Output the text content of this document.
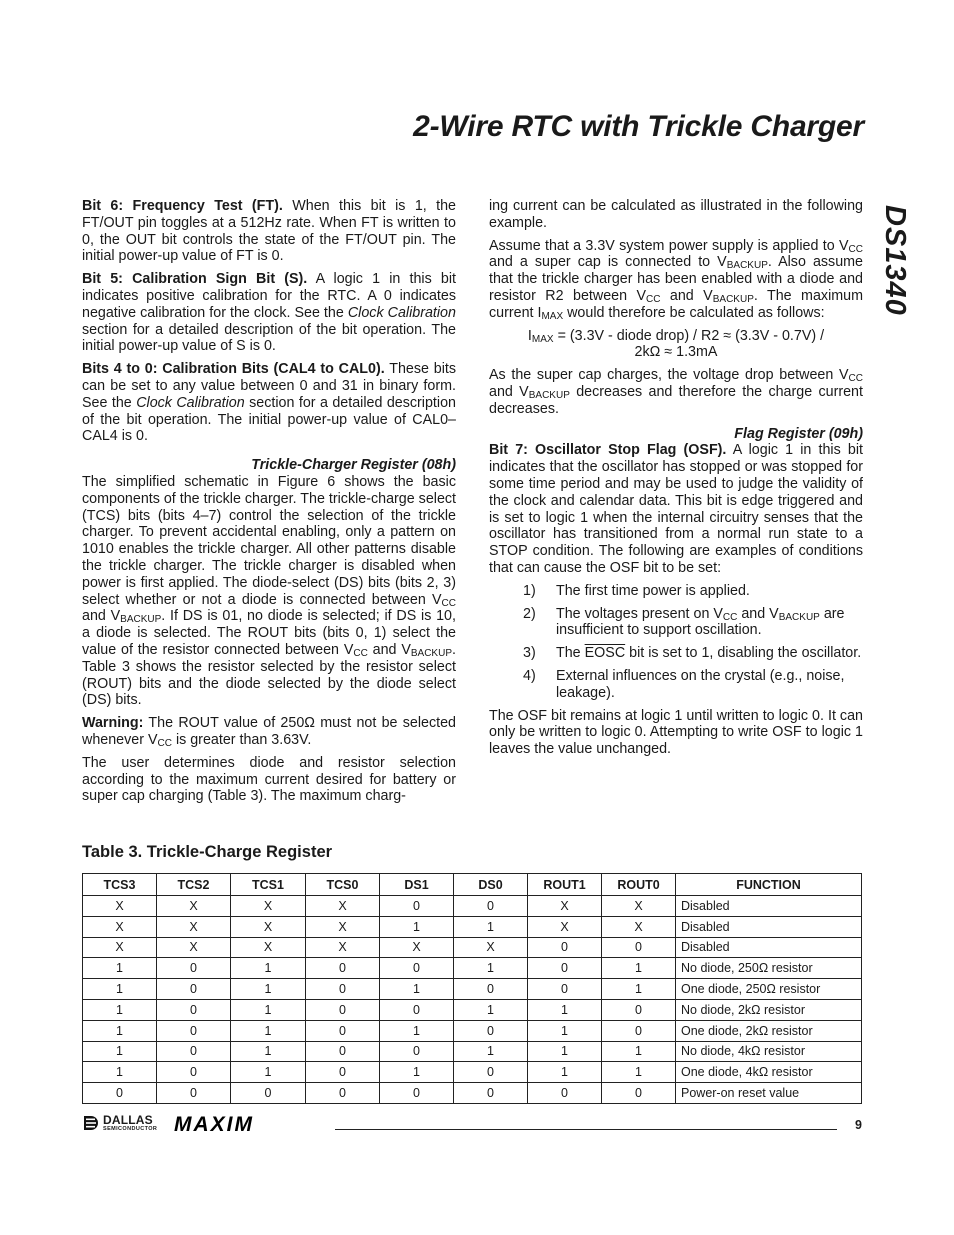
2-Wire RTC with Trickle Charger
DS1340

Bit 6: Frequency Test (FT). When this bit is 1, the FT/OUT pin toggles at a 512Hz rate. When FT is written to 0, the OUT bit controls the state of the FT/OUT pin. The initial power-up value of FT is 0.

Bit 5: Calibration Sign Bit (S). A logic 1 in this bit indicates positive calibration for the RTC. A 0 indicates negative calibration for the clock. See the Clock Calibration section for a detailed description of the bit operation. The initial power-up value of S is 0.

Bits 4 to 0: Calibration Bits (CAL4 to CAL0). These bits can be set to any value between 0 and 31 in binary form. See the Clock Calibration section for a detailed description of the bit operation. The initial power-up value of CAL0–CAL4 is 0.

Trickle-Charger Register (08h)

The simplified schematic in Figure 6 shows the basic components of the trickle charger. The trickle-charge select (TCS) bits (bits 4–7) control the selection of the trickle charger. To prevent accidental enabling, only a pattern on 1010 enables the trickle charger. All other patterns disable the trickle charger. The trickle charger is disabled when power is first applied. The diode-select (DS) bits (bits 2, 3) select whether or not a diode is connected between $V_{CC}$ and $V_{BACKUP}$. If DS is 01, no diode is selected; if DS is 10, a diode is selected. The ROUT bits (bits 0, 1) select the value of the resistor connected between $V_{CC}$ and $V_{BACKUP}$. Table 3 shows the resistor selected by the resistor select (ROUT) bits and the diode selected by the diode select (DS) bits.

Warning: The ROUT value of 250Ω must not be selected whenever $V_{CC}$ is greater than 3.63V.

The user determines diode and resistor selection according to the maximum current desired for battery or super cap charging (Table 3). The maximum charg-

ing current can be calculated as illustrated in the following example.

Assume that a 3.3V system power supply is applied to $V_{CC}$ and a super cap is connected to $V_{BACKUP}$. Also assume that the trickle charger has been enabled with a diode and resistor R2 between $V_{CC}$ and $V_{BACKUP}$. The maximum current $I_{MAX}$ would therefore be calculated as follows:

$I_{MAX} = (3.3V$ - diode drop) / R2 ≈ (3.3V - 0.7V) /
2kΩ ≈ 1.3mA

As the super cap charges, the voltage drop between $V_{CC}$ and $V_{BACKUP}$ decreases and therefore the charge current decreases.

Flag Register (09h)

Bit 7: Oscillator Stop Flag (OSF). A logic 1 in this bit indicates that the oscillator has stopped or was stopped for some time period and may be used to judge the validity of the clock and calendar data. This bit is edge triggered and is set to logic 1 when the internal circuitry senses that the oscillator has transitioned from a normal run state to a STOP condition. The following are examples of conditions that can cause the OSF bit to be set:

1)	The first time power is applied.
2)	The voltages present on $V_{CC}$ and $V_{BACKUP}$ are insufficient to support oscillation.
3)	The EOSC bit is set to 1, disabling the oscillator.
4)	External influences on the crystal (e.g., noise, leakage).

The OSF bit remains at logic 1 until written to logic 0. It can only be written to logic 0. Attempting to write OSF to logic 1 leaves the value unchanged.

Table 3. Trickle-Charge Register
TCS3	TCS2	TCS1	TCS0	DS1	DS0	ROUT1	ROUT0	FUNCTION
X	X	X	X	0	0	X	X	Disabled
X	X	X	X	1	1	X	X	Disabled
X	X	X	X	X	X	0	0	Disabled
1	0	1	0	0	1	0	1	No diode, 250Ω resistor
1	0	1	0	1	0	0	1	One diode, 250Ω resistor
1	0	1	0	0	1	1	0	No diode, 2kΩ resistor
1	0	1	0	1	0	1	0	One diode, 2kΩ resistor
1	0	1	0	0	1	1	1	No diode, 4kΩ resistor
1	0	1	0	1	0	1	1	One diode, 4kΩ resistor
0	0	0	0	0	0	0	0	Power-on reset value
DALLAS
SEMICONDUCTOR MAXIM	9
